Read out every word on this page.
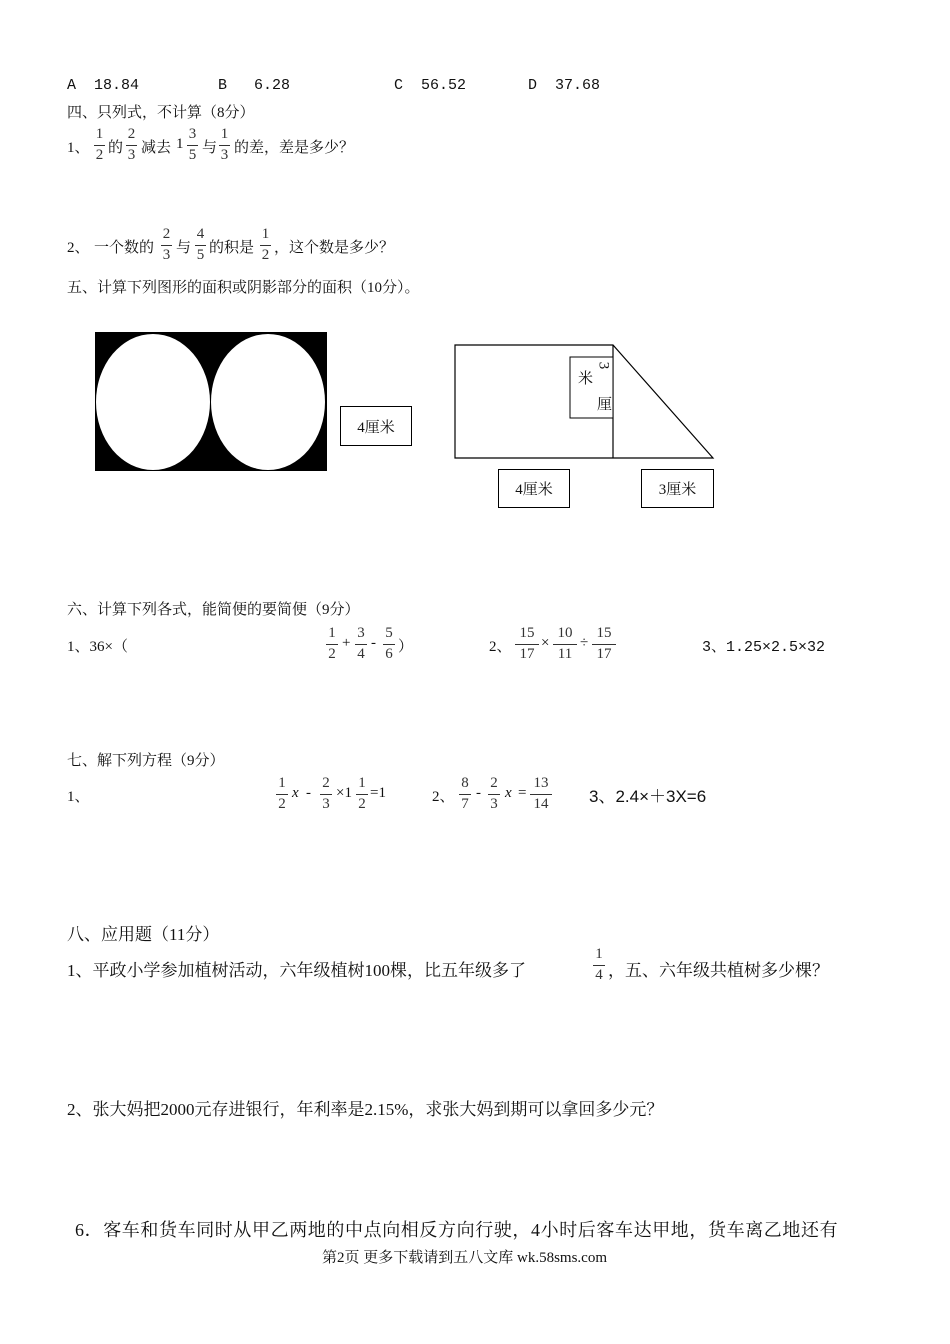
A 18.84	B 6.28	C 56.52	D 37.68
四、只列式，不计算（8分）
1、
1
2 的
2
3 减去 1
3
5 与
1
3 的差，差是多少？
2、 一个数的
2
3 与
4
5 的积是
1
2 ，这个数是多少？
五、计算下列图形的面积或阴影部分的面积（10分）。
4厘米
米
3
厘
4厘米	3厘米
六、计算下列各式，能简便的要简便（9分）
1、36×（
1
2
+
3
4
-
5
6 ）	2、
15
17
×
10
11
÷
15
17	3、1.25×2.5×32
七、解下列方程（9分）
1、
1
2
x -
2
3
×1
1
2
=1	2、
8
7
-
2
3
x =
13
14 3、2.4×＋3X=6
八、应用题（11分）
1、平政小学参加植树活动，六年级植树100棵，比五年级多了
1
4 ，五、六年级共植树多少棵？
2、张大妈把2000元存进银行，年利率是2.15%，求张大妈到期可以拿回多少元？
6．客车和货车同时从甲乙两地的中点向相反方向行驶，4小时后客车达甲地，货车离乙地还有
第2页 更多下载请到五八文库 wk.58sms.com
